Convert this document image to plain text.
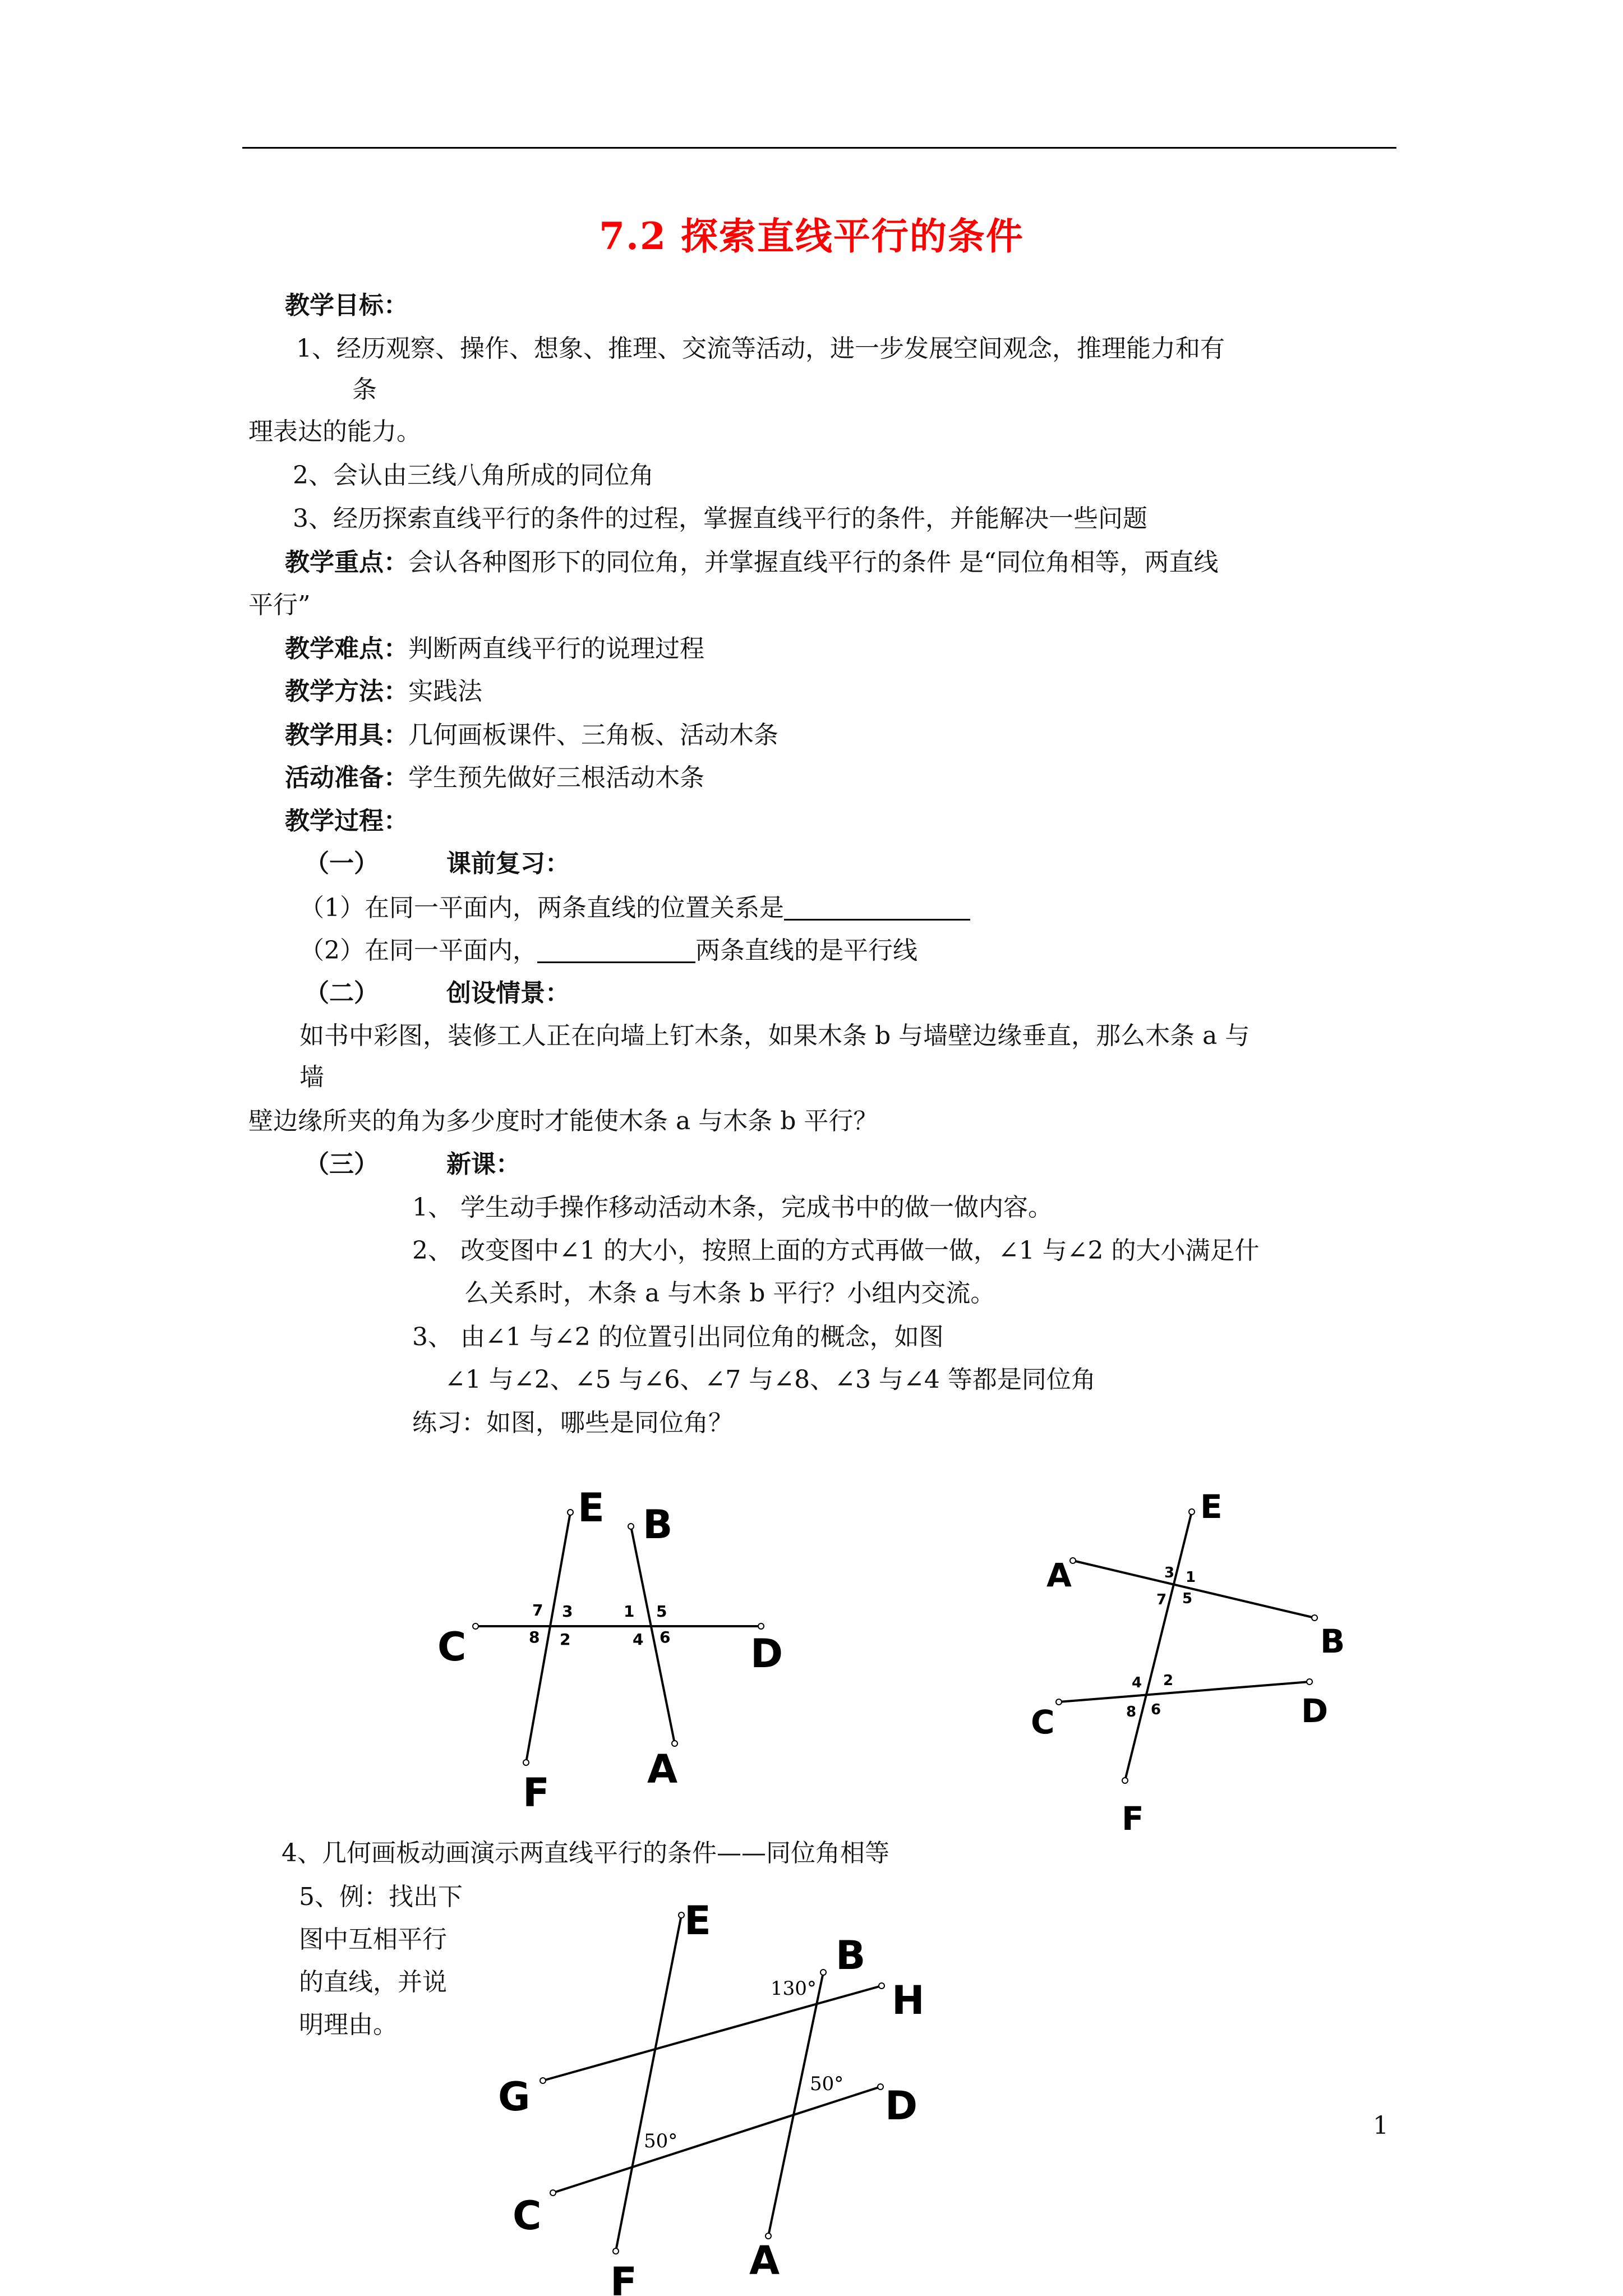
7.2 探索直线平行的条件
教学目标：
1、经历观察、操作、想象、推理、交流等活动，进一步发展空间观念，推理能力和有
条
理表达的能力。
2、会认由三线八角所成的同位角
3、经历探索直线平行的条件的过程，掌握直线平行的条件，并能解决一些问题
教学重点：会认各种图形下的同位角，并掌握直线平行的条件 是“同位角相等，两直线
平行”
教学难点：判断两直线平行的说理过程
教学方法：实践法
教学用具：几何画板课件、三角板、活动木条
活动准备：学生预先做好三根活动木条
教学过程：
（一）	课前复习：
（1）在同一平面内，两条直线的位置关系是
（2）在同一平面内，	两条直线的是平行线
（二）	创设情景：
如书中彩图，装修工人正在向墙上钉木条，如果木条 b 与墙壁边缘垂直，那么木条 a 与
墙
壁边缘所夹的角为多少度时才能使木条 a 与木条 b 平行？
（三）	新课：
1、 学生动手操作移动活动木条，完成书中的做一做内容。
2、 改变图中∠1 的大小，按照上面的方式再做一做，∠1 与∠2 的大小满足什
么关系时，木条 a 与木条 b 平行？小组内交流。
3、 由∠1 与∠2 的位置引出同位角的概念，如图
∠1 与∠2、∠5 与∠6、∠7 与∠8、∠3 与∠4 等都是同位角
练习：如图，哪些是同位角？
E B
C	D
F
A
7 3
8 2
1 5
4 6
E
A
B
C	D
F
3 1
7 5
4 2
8 6
4、几何画板动画演示两直线平行的条件——同位角相等
5、例：找出下
图中互相平行
的直线，并说
明理由。
E
B
H
G	D
C
A
F
130°
50°
50°
1
